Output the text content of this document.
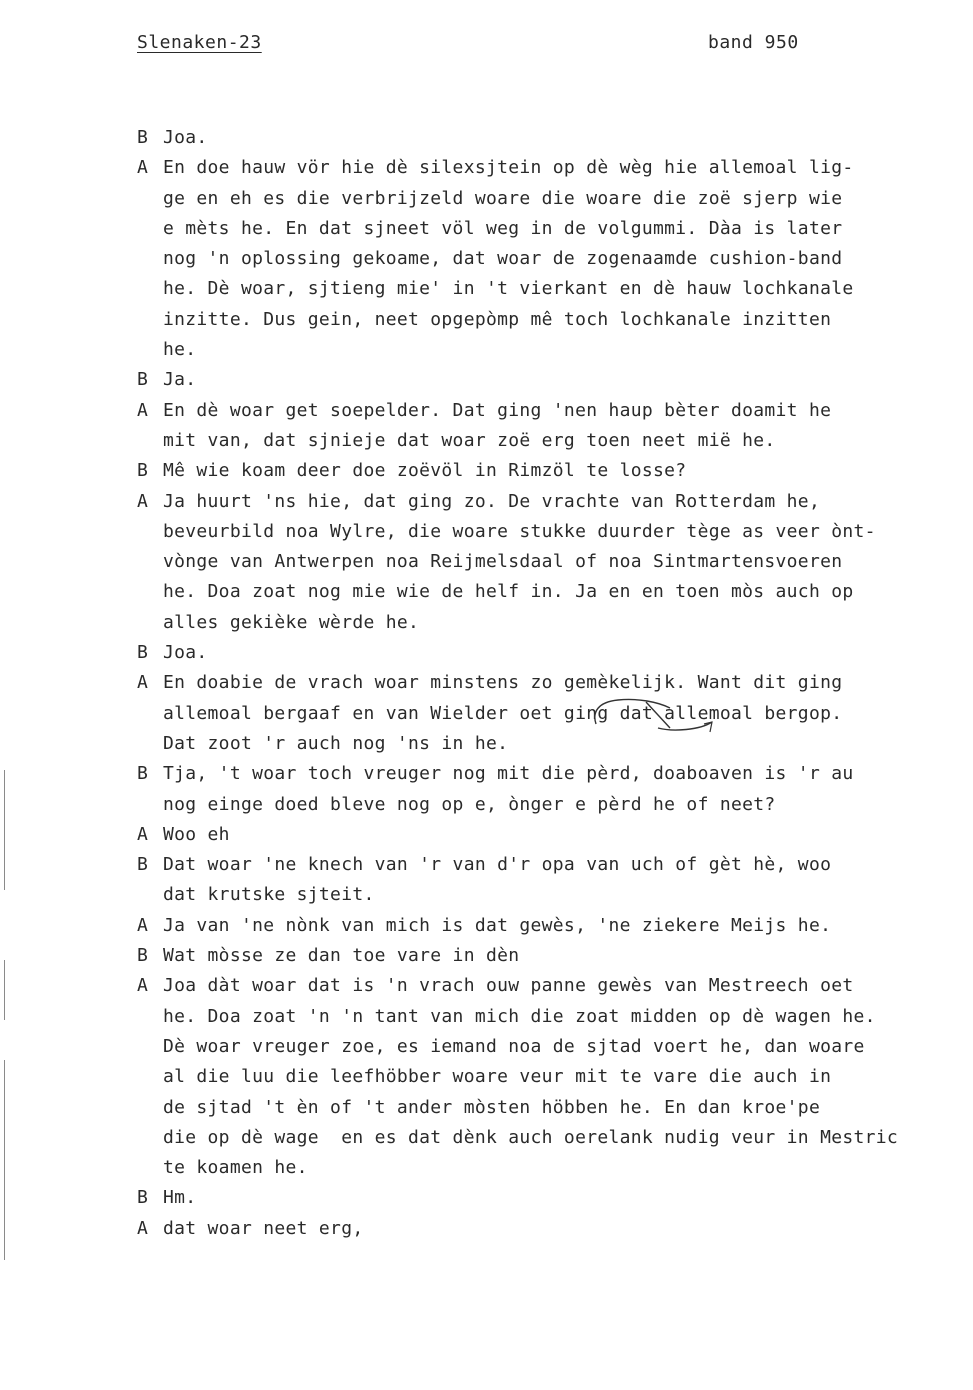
Slenaken-23	band 950
B Joa.
A En doe hauw vör hie dè silexsjtein op dè wèg hie allemoal lig-
ge en eh es die verbrijzeld woare die woare die zoë sjerp wie
e mèts he. En dat sjneet völ weg in de volgummi. Dàa is later
nog 'n oplossing gekoame, dat woar de zogenaamde cushion-band
he. Dè woar, sjtieng mie' in 't vierkant en dè hauw lochkanale
inzitte. Dus gein, neet opgepòmp mê toch lochkanale inzitten
he.
B Ja.
A En dè woar get soepelder. Dat ging 'nen haup bèter doamit he
mit van, dat sjnieje dat woar zoë erg toen neet mië he.
B Mê wie koam deer doe zoëvöl in Rimzöl te losse?
A Ja huurt 'ns hie, dat ging zo. De vrachte van Rotterdam he,
beveurbild noa Wylre, die woare stukke duurder tège as veer ònt-
vònge van Antwerpen noa Reijmelsdaal of noa Sintmartensvoeren
he. Doa zoat nog mie wie de helf in. Ja en en toen mòs auch op
alles gekièke wèrde he.
B Joa.
A En doabie de vrach woar minstens zo gemèkelijk. Want dit ging
allemoal bergaaf en van Wielder oet ging dat allemoal bergop.
Dat zoot 'r auch nog 'ns in he.
B Tja, 't woar toch vreuger nog mit die pèrd, doaboaven is 'r au
nog einge doed bleve nog op e, ònger e pèrd he of neet?
A Woo eh
B Dat woar 'ne knech van 'r van d'r opa van uch of gèt hè, woo
dat krutske sjteit.
A Ja van 'ne nònk van mich is dat gewès, 'ne ziekere Meijs he.
B Wat mòsse ze dan toe vare in dèn
A Joa dàt woar dat is 'n vrach ouw panne gewès van Mestreech oet
he. Doa zoat 'n 'n tant van mich die zoat midden op dè wagen he.
Dè woar vreuger zoe, es iemand noa de sjtad voert he, dan woare
al die luu die leefhöbber woare veur mit te vare die auch in
de sjtad 't èn of 't ander mòsten höbben he. En dan kroe'pe
die op dè wage  en es dat dènk auch oerelank nudig veur in Mestric
te koamen he.
B Hm.
A dat woar neet erg,
